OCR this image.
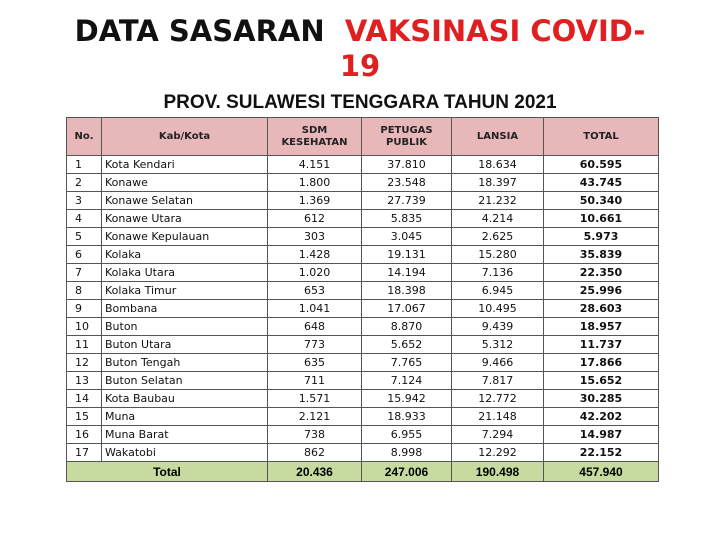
DATA SASARAN VAKSINASI COVID-
19
PROV. SULAWESI TENGGARA TAHUN 2021
No.	Kab/Kota	SDM KESEHATAN	PETUGAS PUBLIK	LANSIA	TOTAL
1	Kota Kendari	4.151	37.810	18.634	60.595
2	Konawe	1.800	23.548	18.397	43.745
3	Konawe Selatan	1.369	27.739	21.232	50.340
4	Konawe Utara	612	5.835	4.214	10.661
5	Konawe Kepulauan	303	3.045	2.625	5.973
6	Kolaka	1.428	19.131	15.280	35.839
7	Kolaka Utara	1.020	14.194	7.136	22.350
8	Kolaka Timur	653	18.398	6.945	25.996
9	Bombana	1.041	17.067	10.495	28.603
10	Buton	648	8.870	9.439	18.957
11	Buton Utara	773	5.652	5.312	11.737
12	Buton Tengah	635	7.765	9.466	17.866
13	Buton Selatan	711	7.124	7.817	15.652
14	Kota Baubau	1.571	15.942	12.772	30.285
15	Muna	2.121	18.933	21.148	42.202
16	Muna Barat	738	6.955	7.294	14.987
17	Wakatobi	862	8.998	12.292	22.152
Total		20.436	247.006	190.498	457.940
